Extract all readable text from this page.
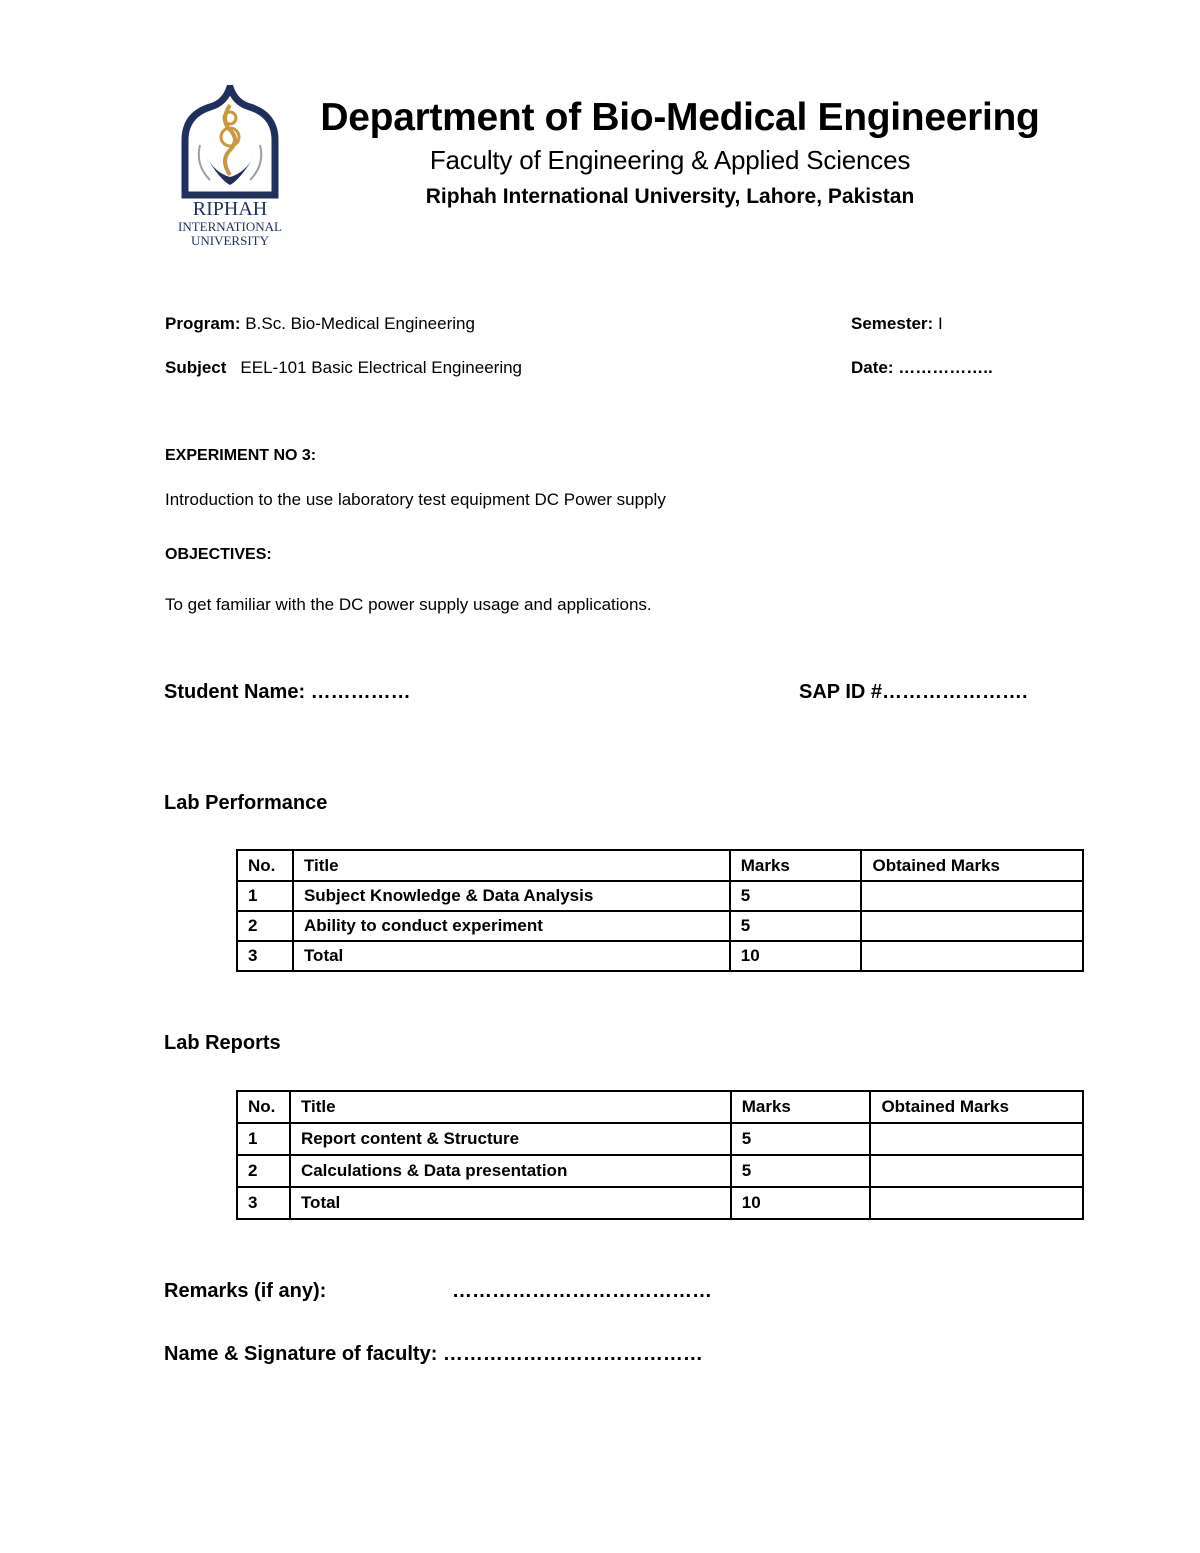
RIPHAH
INTERNATIONAL
UNIVERSITY
Department of Bio-Medical Engineering
Faculty of Engineering & Applied Sciences
Riphah International University, Lahore, Pakistan
Program: B.Sc. Bio-Medical Engineering	Semester: I
Subject EEL-101 Basic Electrical Engineering	Date: ……………..
EXPERIMENT NO 3:
Introduction to the use laboratory test equipment DC Power supply
OBJECTIVES:
To get familiar with the DC power supply usage and applications.
Student Name: ……………	SAP ID #………………….
Lab Performance
No.	Title	Marks	Obtained Marks
1	Subject Knowledge & Data Analysis	5	
2	Ability to conduct experiment	5	
3	Total	10	
Lab Reports
No.	Title	Marks	Obtained Marks
1	Report content & Structure	5	
2	Calculations & Data presentation	5	
3	Total	10	
Remarks (if any):	…………………………………
Name & Signature of faculty: …………………………………
